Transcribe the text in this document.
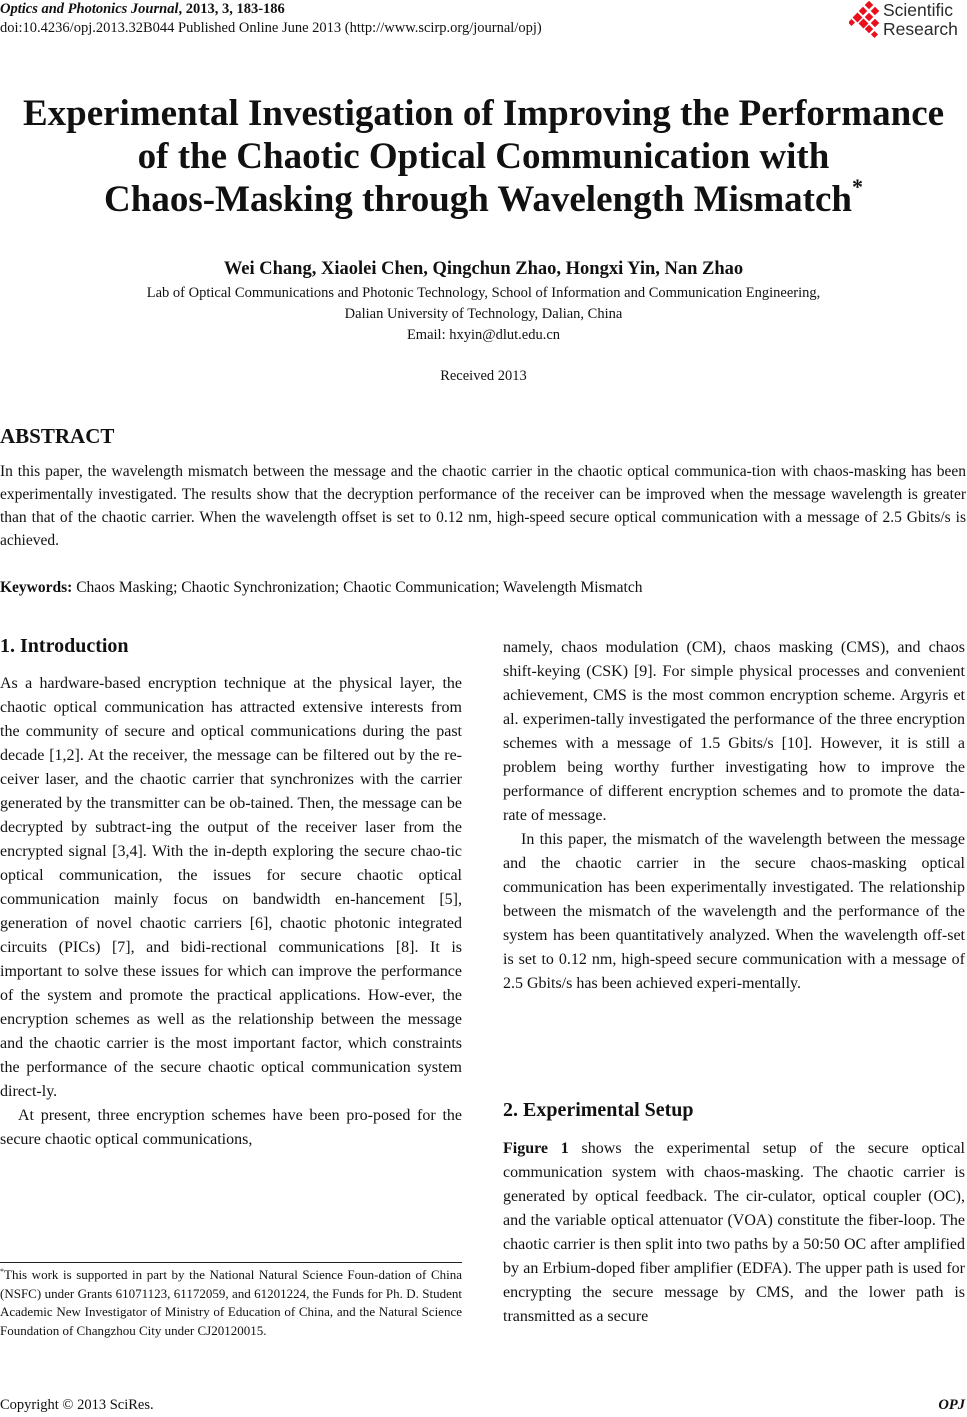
Optics and Photonics Journal, 2013, 3, 183-186
doi:10.4236/opj.2013.32B044 Published Online June 2013 (http://www.scirp.org/journal/opj)
Scientific
Research
Experimental Investigation of Improving the Performance
of the Chaotic Optical Communication with
Chaos-Masking through Wavelength Mismatch*
Wei Chang, Xiaolei Chen, Qingchun Zhao, Hongxi Yin, Nan Zhao
Lab of Optical Communications and Photonic Technology, School of Information and Communication Engineering,
Dalian University of Technology, Dalian, China
Email: hxyin@dlut.edu.cn
Received 2013
ABSTRACT
In this paper, the wavelength mismatch between the message and the chaotic carrier in the chaotic optical communica-tion with chaos-masking has been experimentally investigated. The results show that the decryption performance of the receiver can be improved when the message wavelength is greater than that of the chaotic carrier. When the wavelength offset is set to 0.12 nm, high-speed secure optical communication with a message of 2.5 Gbits/s is achieved.
Keywords: Chaos Masking; Chaotic Synchronization; Chaotic Communication; Wavelength Mismatch
1. Introduction

As a hardware-based encryption technique at the physical layer, the chaotic optical communication has attracted extensive interests from the community of secure and optical communications during the past decade [1,2]. At the receiver, the message can be filtered out by the re-ceiver laser, and the chaotic carrier that synchronizes with the carrier generated by the transmitter can be ob-tained. Then, the message can be decrypted by subtract-ing the output of the receiver laser from the encrypted signal [3,4]. With the in-depth exploring the secure chao-tic optical communication, the issues for secure chaotic optical communication mainly focus on bandwidth en-hancement [5], generation of novel chaotic carriers [6], chaotic photonic integrated circuits (PICs) [7], and bidi-rectional communications [8]. It is important to solve these issues for which can improve the performance of the system and promote the practical applications. How-ever, the encryption schemes as well as the relationship between the message and the chaotic carrier is the most important factor, which constraints the performance of the secure chaotic optical communication system direct-ly.

At present, three encryption schemes have been pro-posed for the secure chaotic optical communications,

*This work is supported in part by the National Natural Science Foun-dation of China (NSFC) under Grants 61071123, 61172059, and 61201224, the Funds for Ph. D. Student Academic New Investigator of Ministry of Education of China, and the Natural Science Foundation of Changzhou City under CJ20120015.

namely, chaos modulation (CM), chaos masking (CMS), and chaos shift-keying (CSK) [9]. For simple physical processes and convenient achievement, CMS is the most common encryption scheme. Argyris et al. experimen-tally investigated the performance of the three encryption schemes with a message of 1.5 Gbits/s [10]. However, it is still a problem being worthy further investigating how to improve the performance of different encryption schemes and to promote the data-rate of message.

In this paper, the mismatch of the wavelength between the message and the chaotic carrier in the secure chaos-masking optical communication has been experimentally investigated. The relationship between the mismatch of the wavelength and the performance of the system has been quantitatively analyzed. When the wavelength off-set is set to 0.12 nm, high-speed secure communication with a message of 2.5 Gbits/s has been achieved experi-mentally.

2. Experimental Setup

Figure 1 shows the experimental setup of the secure optical communication system with chaos-masking. The chaotic carrier is generated by optical feedback. The cir-culator, optical coupler (OC), and the variable optical attenuator (VOA) constitute the fiber-loop. The chaotic carrier is then split into two paths by a 50:50 OC after amplified by an Erbium-doped fiber amplifier (EDFA). The upper path is used for encrypting the secure message by CMS, and the lower path is transmitted as a secure

Copyright © 2013 SciRes.	OPJ
